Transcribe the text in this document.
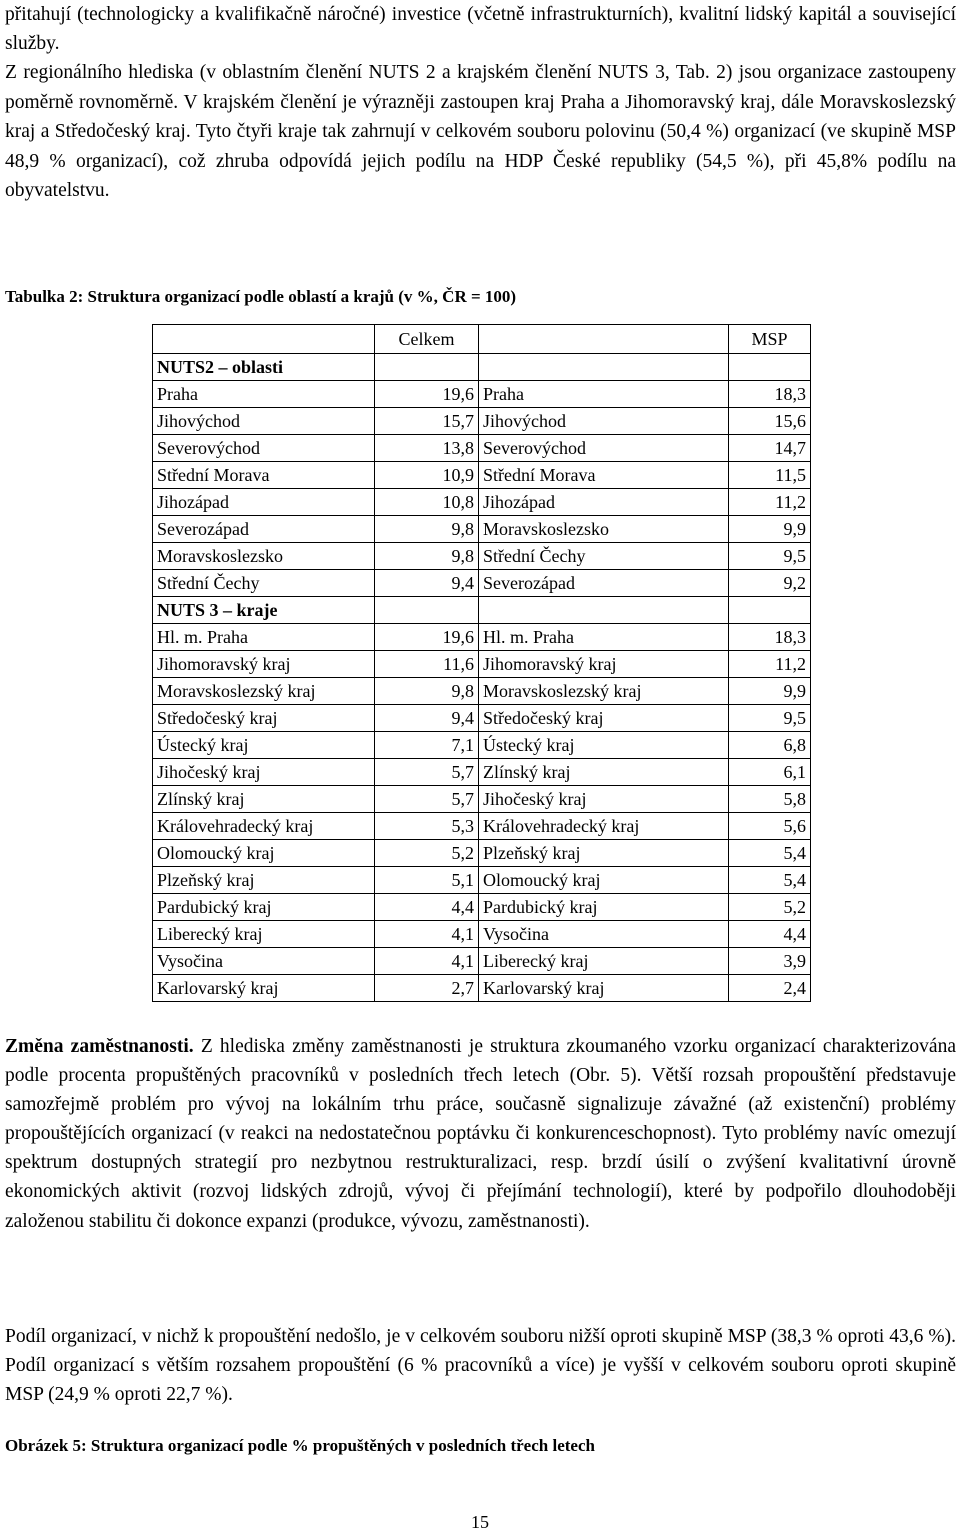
přitahují (technologicky a kvalifikačně náročné) investice (včetně infrastrukturních), kvalitní lidský kapitál a související služby.

Z regionálního hlediska (v oblastním členění NUTS 2 a krajském členění NUTS 3, Tab. 2) jsou organizace zastoupeny poměrně rovnoměrně. V krajském členění je výrazněji zastoupen kraj Praha a Jihomoravský kraj, dále Moravskoslezský kraj a Středočeský kraj. Tyto čtyři kraje tak zahrnují v celkovém souboru polovinu (50,4 %) organizací (ve skupině MSP 48,9 % organizací), což zhruba odpovídá jejich podílu na HDP České republiky (54,5 %), při 45,8% podílu na obyvatelstvu.

Tabulka 2: Struktura organizací podle oblastí a krajů (v %, ČR = 100)

	Celkem		MSP
NUTS2 – oblasti			
Praha	19,6	Praha	18,3
Jihovýchod	15,7	Jihovýchod	15,6
Severovýchod	13,8	Severovýchod	14,7
Střední Morava	10,9	Střední Morava	11,5
Jihozápad	10,8	Jihozápad	11,2
Severozápad	9,8	Moravskoslezsko	9,9
Moravskoslezsko	9,8	Střední Čechy	9,5
Střední Čechy	9,4	Severozápad	9,2
NUTS 3 – kraje			
Hl. m. Praha	19,6	Hl. m. Praha	18,3
Jihomoravský kraj	11,6	Jihomoravský kraj	11,2
Moravskoslezský kraj	9,8	Moravskoslezský kraj	9,9
Středočeský kraj	9,4	Středočeský kraj	9,5
Ústecký kraj	7,1	Ústecký kraj	6,8
Jihočeský kraj	5,7	Zlínský kraj	6,1
Zlínský kraj	5,7	Jihočeský kraj	5,8
Královehradecký kraj	5,3	Královehradecký kraj	5,6
Olomoucký kraj	5,2	Plzeňský kraj	5,4
Plzeňský kraj	5,1	Olomoucký kraj	5,4
Pardubický kraj	4,4	Pardubický kraj	5,2
Liberecký kraj	4,1	Vysočina	4,4
Vysočina	4,1	Liberecký kraj	3,9
Karlovarský kraj	2,7	Karlovarský kraj	2,4

Změna zaměstnanosti. Z hlediska změny zaměstnanosti je struktura zkoumaného vzorku organizací charakterizována podle procenta propuštěných pracovníků v posledních třech letech (Obr. 5). Větší rozsah propouštění představuje samozřejmě problém pro vývoj na lokálním trhu práce, současně signalizuje závažné (až existenční) problémy propouštějících organizací (v reakci na nedostatečnou poptávku či konkurenceschopnost). Tyto problémy navíc omezují spektrum dostupných strategií pro nezbytnou restrukturalizaci, resp. brzdí úsilí o zvýšení kvalitativní úrovně ekonomických aktivit (rozvoj lidských zdrojů, vývoj či přejímání technologií), které by podpořilo dlouhodoběji založenou stabilitu či dokonce expanzi (produkce, vývozu, zaměstnanosti).

Podíl organizací, v nichž k propouštění nedošlo, je v celkovém souboru nižší oproti skupině MSP (38,3 % oproti 43,6 %). Podíl organizací s větším rozsahem propouštění (6 % pracovníků a více) je vyšší v celkovém souboru oproti skupině MSP (24,9 % oproti 22,7 %).

Obrázek 5: Struktura organizací podle % propuštěných v posledních třech letech

15
